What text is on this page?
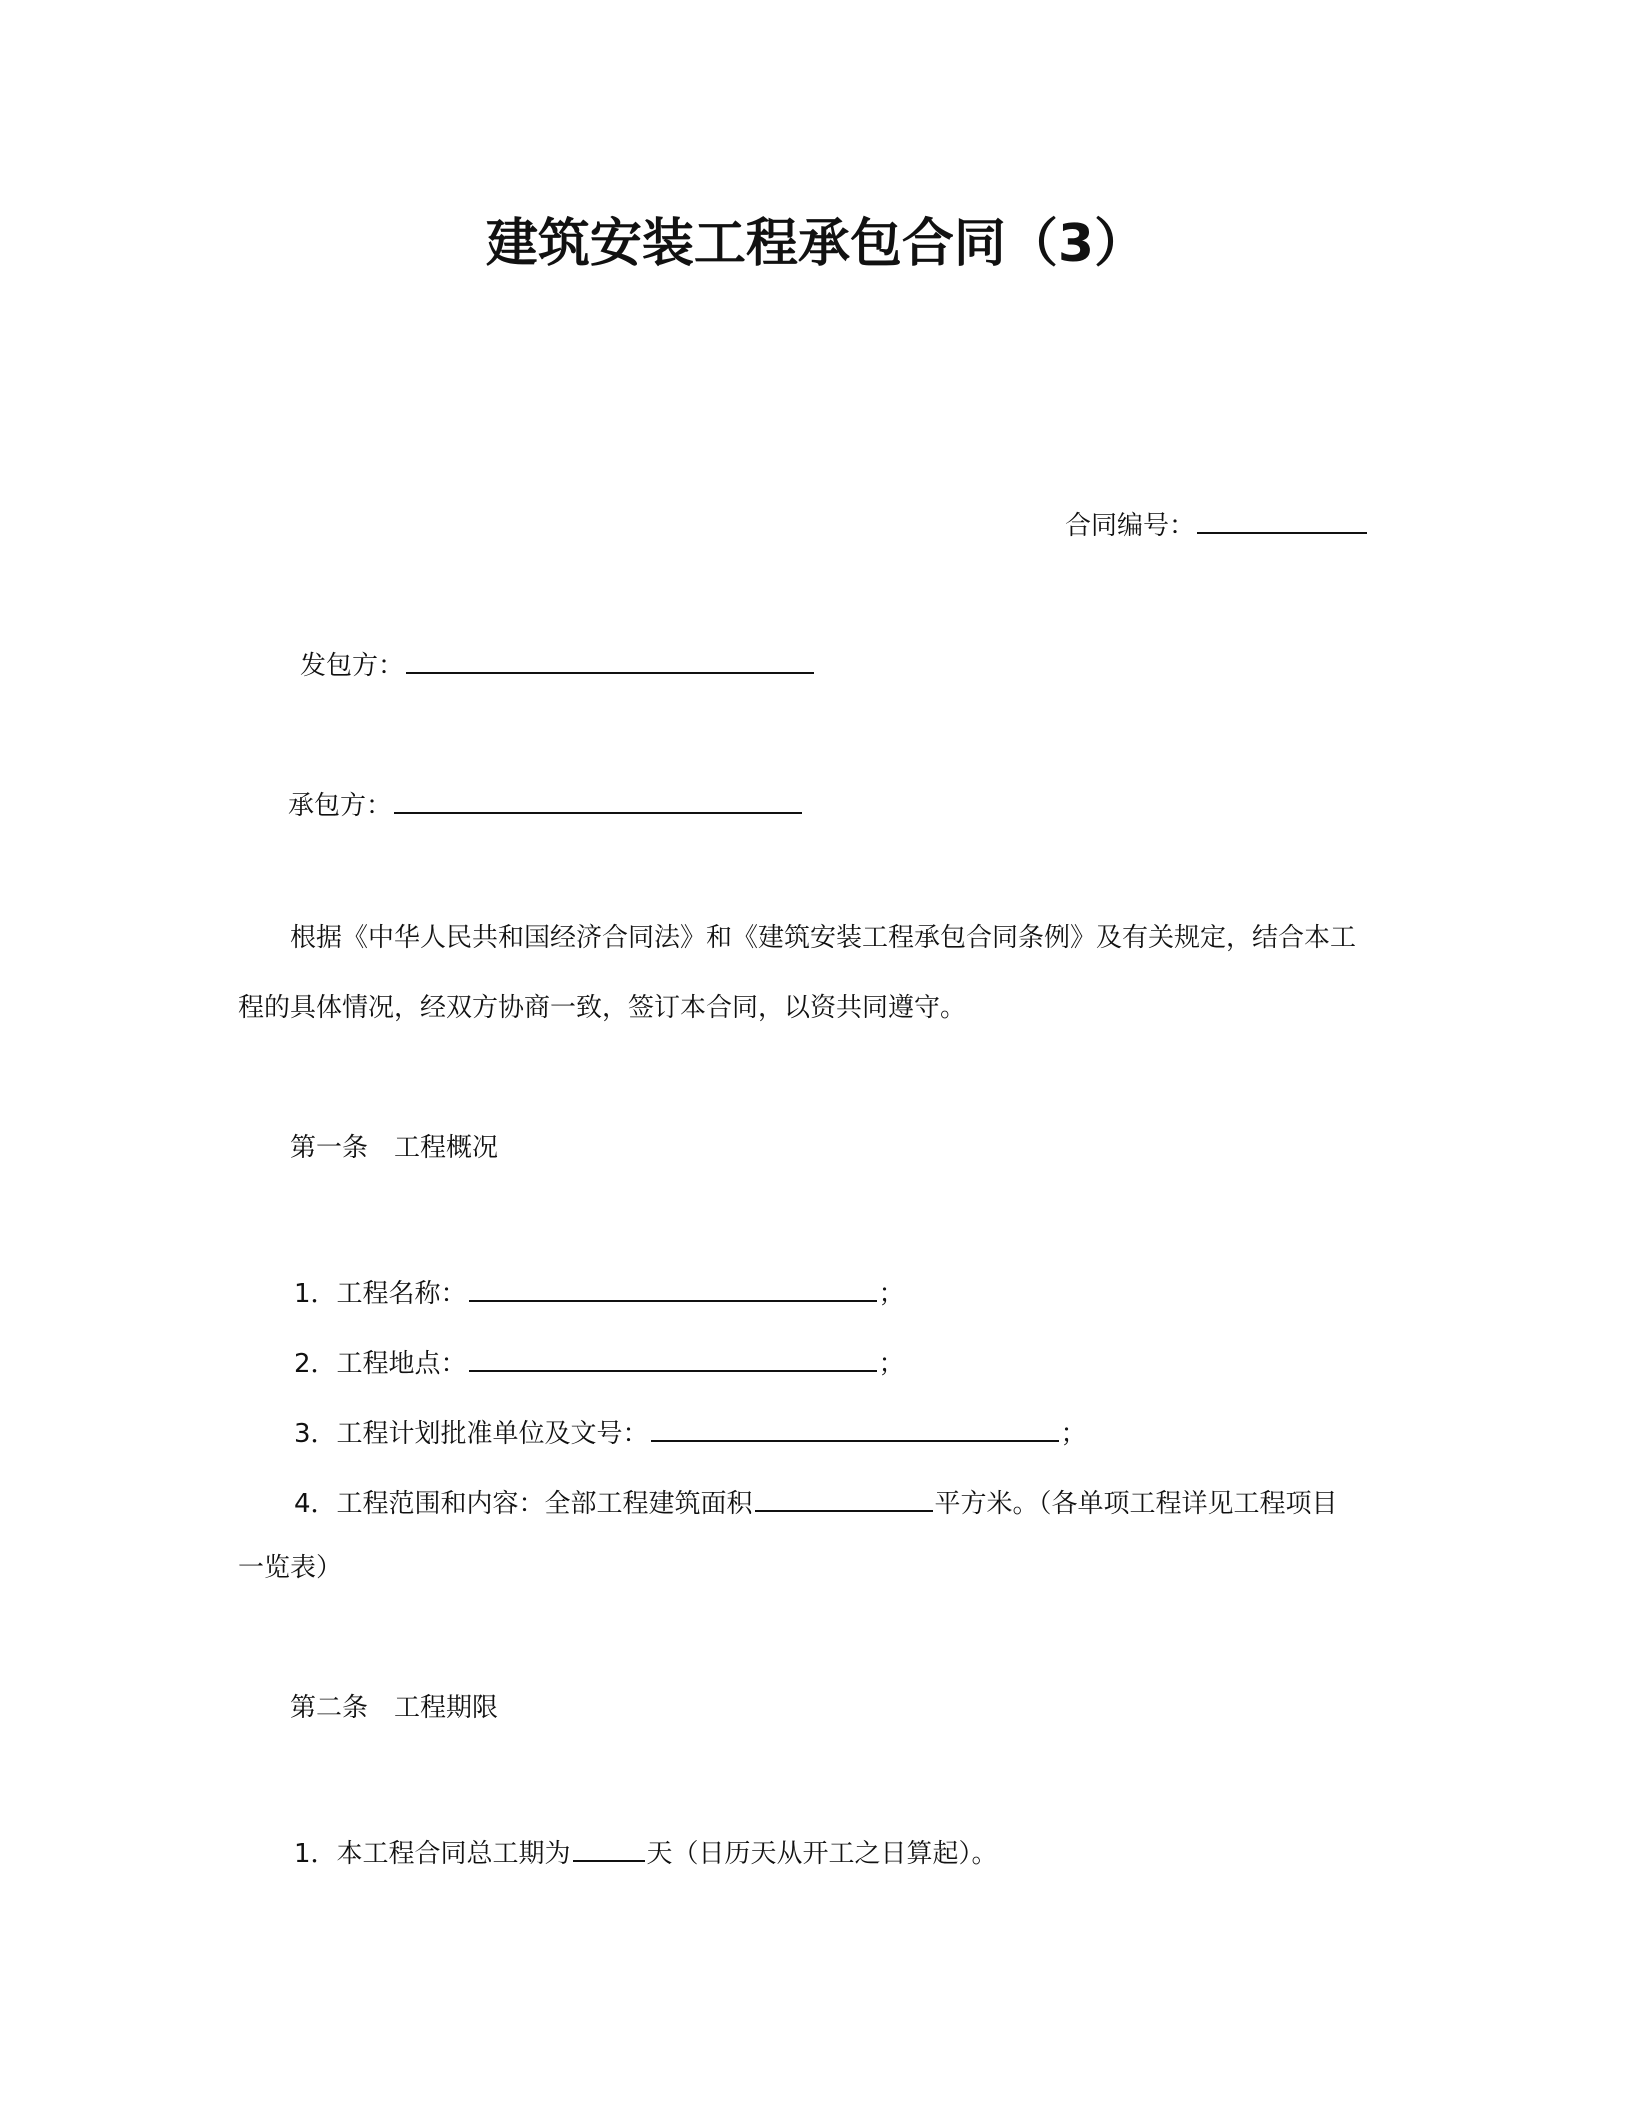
建筑安装工程承包合同（3）
合同编号：
发包方：
承包方：
根据《中华人民共和国经济合同法》和《建筑安装工程承包合同条例》及有关规定，结合本工
程的具体情况，经双方协商一致，签订本合同，以资共同遵守。
第一条　工程概况
1．工程名称：	；
2．工程地点：	；
3．工程计划批准单位及文号：	；
4．工程范围和内容：全部工程建筑面积	平方米。（各单项工程详见工程项目
一览表）
第二条　工程期限
1．本工程合同总工期为	天（日历天从开工之日算起）。
